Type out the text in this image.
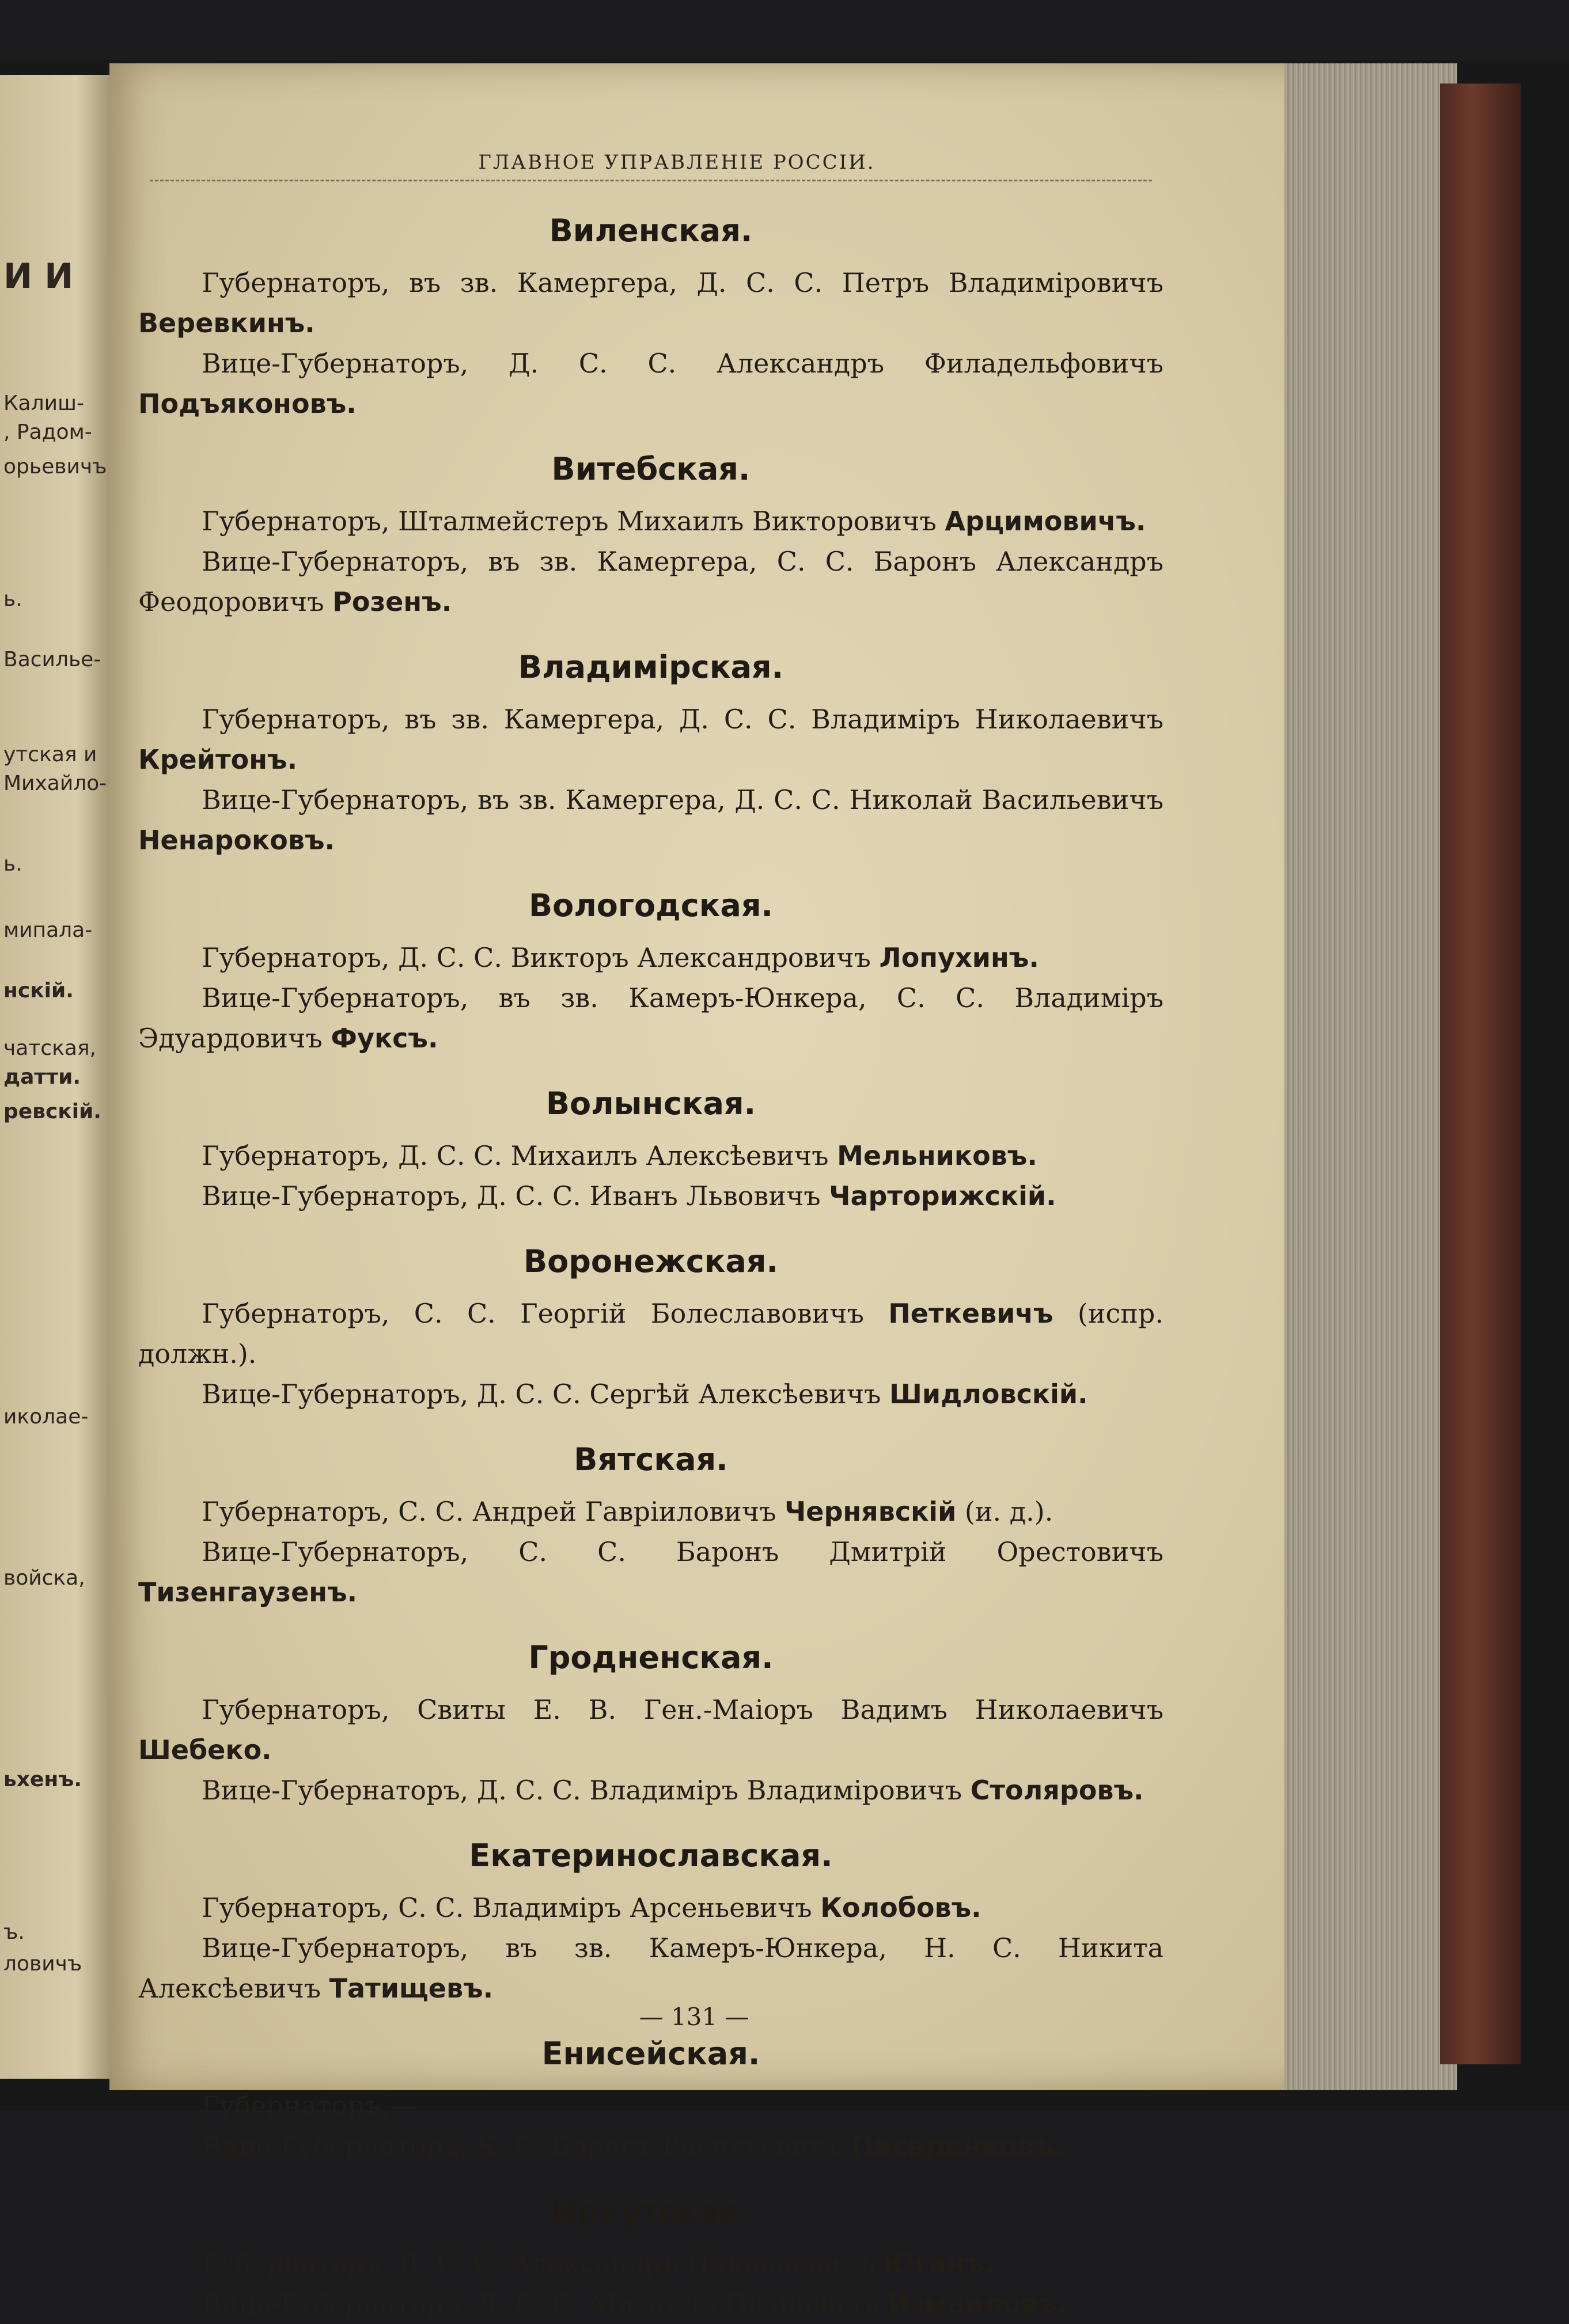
И И
Калиш-
, Радом-
орьевичъ
ь.
Василье-
утская и
Михайло-
ь.
мипала-
нскій.
чатская,
датти.
ревскій.
иколае-
войска,
ьхенъ.
ъ.
ловичъ
ГЛАВНОЕ УПРАВЛЕНІЕ РОССІИ.
Виленская.
Губернаторъ, въ зв. Камергера, Д. С. С. Петръ Владиміровичъ Веревкинъ.
Вице-Губернаторъ, Д. С. С. Александръ Филадельфовичъ Подъяконовъ.
Витебская.
Губернаторъ, Шталмейстеръ Михаилъ Викторовичъ Арцимовичъ.
Вице-Губернаторъ, въ зв. Камергера, С. С. Баронъ Александръ Феодоровичъ Розенъ.
Владимірская.
Губернаторъ, въ зв. Камергера, Д. С. С. Владиміръ Николаевичъ Крейтонъ.
Вице-Губернаторъ, въ зв. Камергера, Д. С. С. Николай Васильевичъ Ненароковъ.
Вологодская.
Губернаторъ, Д. С. С. Викторъ Александровичъ Лопухинъ.
Вице-Губернаторъ, въ зв. Камеръ-Юнкера, С. С. Владиміръ Эдуардовичъ Фуксъ.
Волынская.
Губернаторъ, Д. С. С. Михаилъ Алексѣевичъ Мельниковъ.
Вице-Губернаторъ, Д. С. С. Иванъ Львовичъ Чарторижскій.
Воронежская.
Губернаторъ, С. С. Георгій Болеславовичъ Петкевичъ (испр. должн.).
Вице-Губернаторъ, Д. С. С. Сергѣй Алексѣевичъ Шидловскій.
Вятская.
Губернаторъ, С. С. Андрей Гавріиловичъ Чернявскій (и. д.).
Вице-Губернаторъ, С. С. Баронъ Дмитрій Орестовичъ Тизенгаузенъ.
Гродненская.
Губернаторъ, Свиты Е. В. Ген.-Маіоръ Вадимъ Николаевичъ Шебеко.
Вице-Губернаторъ, Д. С. С. Владиміръ Владиміровичъ Столяровъ.
Екатеринославская.
Губернаторъ, С. С. Владиміръ Арсеньевичъ Колобовъ.
Вице-Губернаторъ, въ зв. Камеръ-Юнкера, Н. С. Никита Алексѣевичъ Татищевъ.
Енисейская.
Губернаторъ,—
Вице-Губернаторъ, К. С. Борисъ Васильевичъ Писаренковъ.
Иркутская.
Губернаторъ, Д. С. С. Александръ Николаевичъ Юганъ.
Вице-Губернаторъ, Д. С. С. Михаилъ Ивановичъ Измайловъ.
— 131 —
